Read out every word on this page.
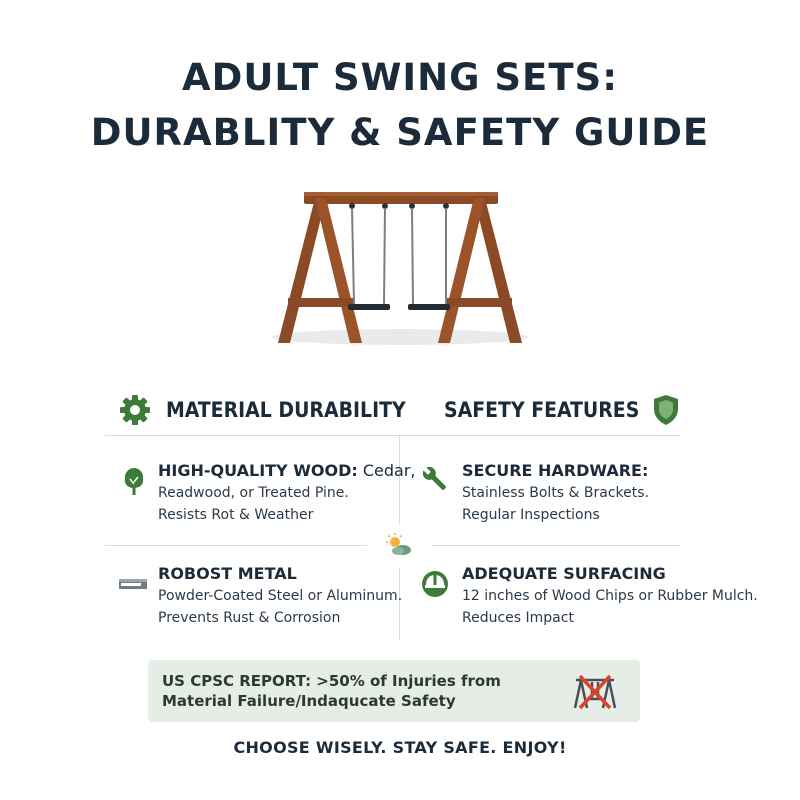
ADULT SWING SETS:
DURABLITY & SAFETY GUIDE
MATERIAL DURABILITY SAFETY FEATURES
HIGH-QUALITY WOOD: Cedar,
Readwood, or Treated Pine.
Resists Rot & Weather
SECURE HARDWARE:
Stainless Bolts & Brackets.
Regular Inspections
ROBOST METAL
Powder-Coated Steel or Aluminum.
Prevents Rust & Corrosion
ADEQUATE SURFACING
12 inches of Wood Chips or Rubber Mulch.
Reduces Impact
US CPSC REPORT: >50% of Injuries from Material Failure/Indaqucate Safety
CHOOSE WISELY. STAY SAFE. ENJOY!
